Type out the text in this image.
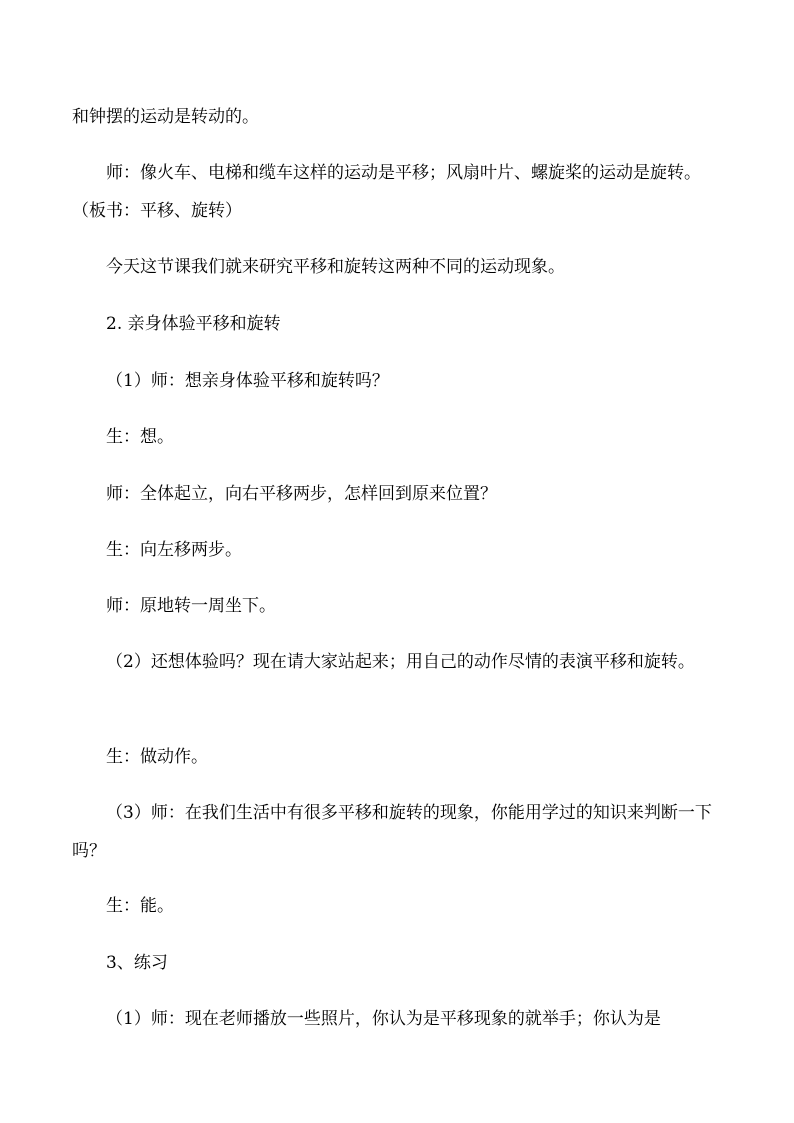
和钟摆的运动是转动的。

师：像火车、电梯和缆车这样的运动是平移；风扇叶片、螺旋桨的运动是旋转。（板书：平移、旋转）

今天这节课我们就来研究平移和旋转这两种不同的运动现象。

2. 亲身体验平移和旋转

（1）师：想亲身体验平移和旋转吗？

生：想。

师：全体起立，向右平移两步，怎样回到原来位置？

生：向左移两步。

师：原地转一周坐下。

（2）还想体验吗？现在请大家站起来；用自己的动作尽情的表演平移和旋转。

生：做动作。

（3）师：在我们生活中有很多平移和旋转的现象，你能用学过的知识来判断一下吗？

生：能。

3、练习

（1）师：现在老师播放一些照片，你认为是平移现象的就举手；你认为是
